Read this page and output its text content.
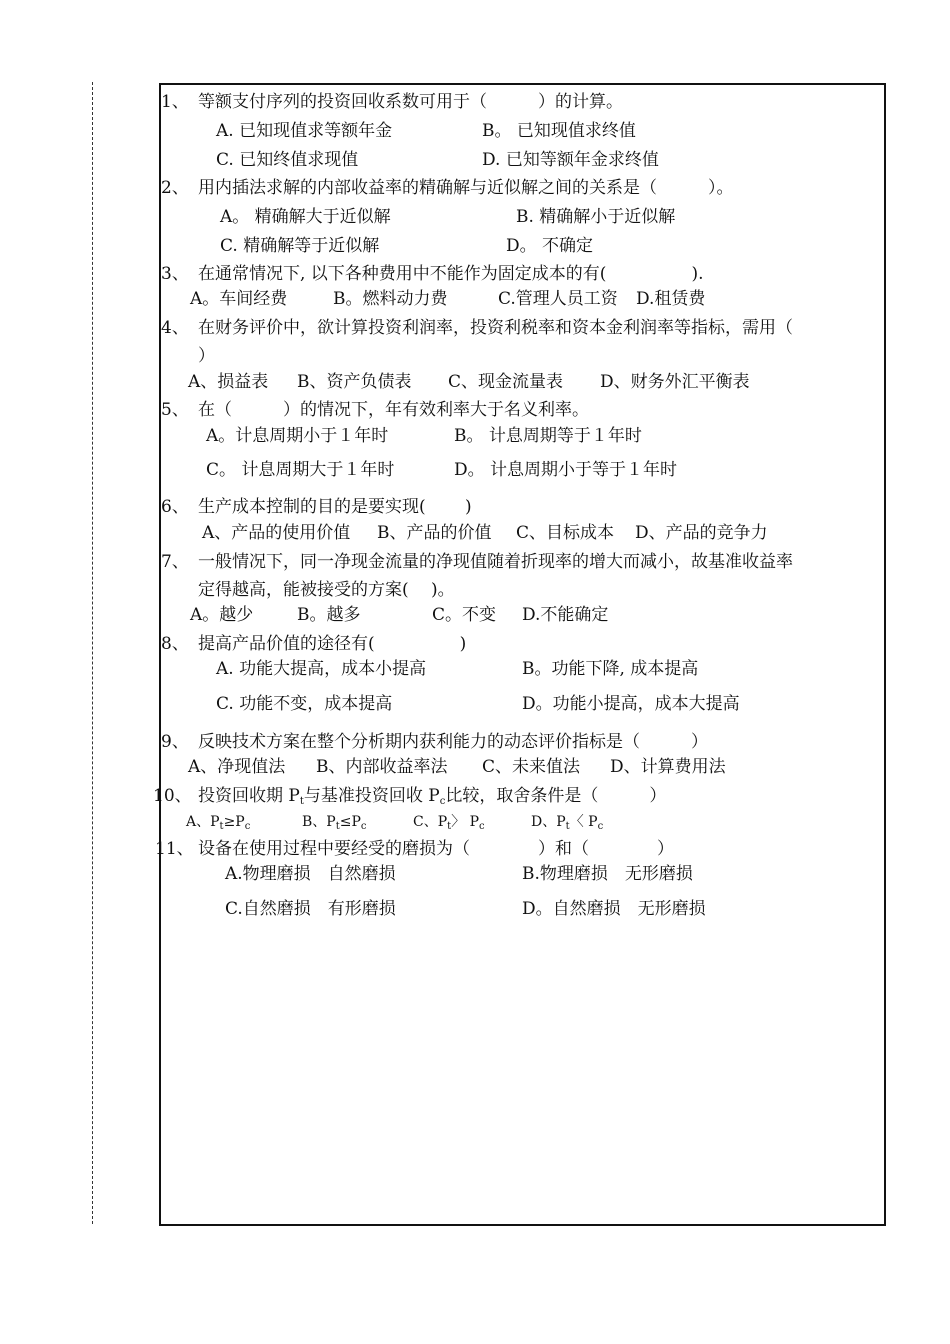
1、 等额支付序列的投资回收系数可用于（　　　）的计算。
A. 已知现值求等额年金	B。 已知现值求终值
C. 已知终值求现值	D. 已知等额年金求终值
2、 用内插法求解的内部收益率的精确解与近似解之间的关系是（　　　）。
A。 精确解大于近似解	B. 精确解小于近似解
C. 精确解等于近似解	D。 不确定
3、 在通常情况下, 以下各种费用中不能作为固定成本的有(　　　　　).
A。车间经费	B。燃料动力费	C.管理人员工资 D.租赁费
4、 在财务评价中，欲计算投资利润率，投资利税率和资本金利润率等指标，需用（
）
A、损益表 B、资产负债表 C、现金流量表 D、财务外汇平衡表
5、 在（　　　）的情况下，年有效利率大于名义利率。
A。计息周期小于１年时	B。 计息周期等于１年时
C。 计息周期大于１年时	D。 计息周期小于等于１年时
6、 生产成本控制的目的是要实现(　　 )
A、产品的使用价值 B、产品的价值 C、目标成本 D、产品的竞争力
7、 一般情况下，同一净现金流量的净现值随着折现率的增大而减小，故基准收益率
定得越高，能被接受的方案(　 )。
A。越少	B。越多	C。不变 D.不能确定
8、 提高产品价值的途径有(　　　　　)
A. 功能大提高，成本小提高	B。功能下降, 成本提高
C. 功能不变，成本提高	D。功能小提高，成本大提高
9、 反映技术方案在整个分析期内获利能力的动态评价指标是（　　　）
A、净现值法 B、内部收益率法 C、未来值法 D、计算费用法
10、 投资回收期 $P_t$与基准投资回收 $P_c$比较，取舍条件是（　　　）
A、$P_t\ge P_c$	B、$P_t\le P_c$	C、$P_t$〉 $P_c$	D、$P_t$〈 $P_c$
11、 设备在使用过程中要经受的磨损为（　　　　）和（　　　　）
A.物理磨损　自然磨损	B.物理磨损　无形磨损
C.自然磨损　有形磨损	D。自然磨损　无形磨损
